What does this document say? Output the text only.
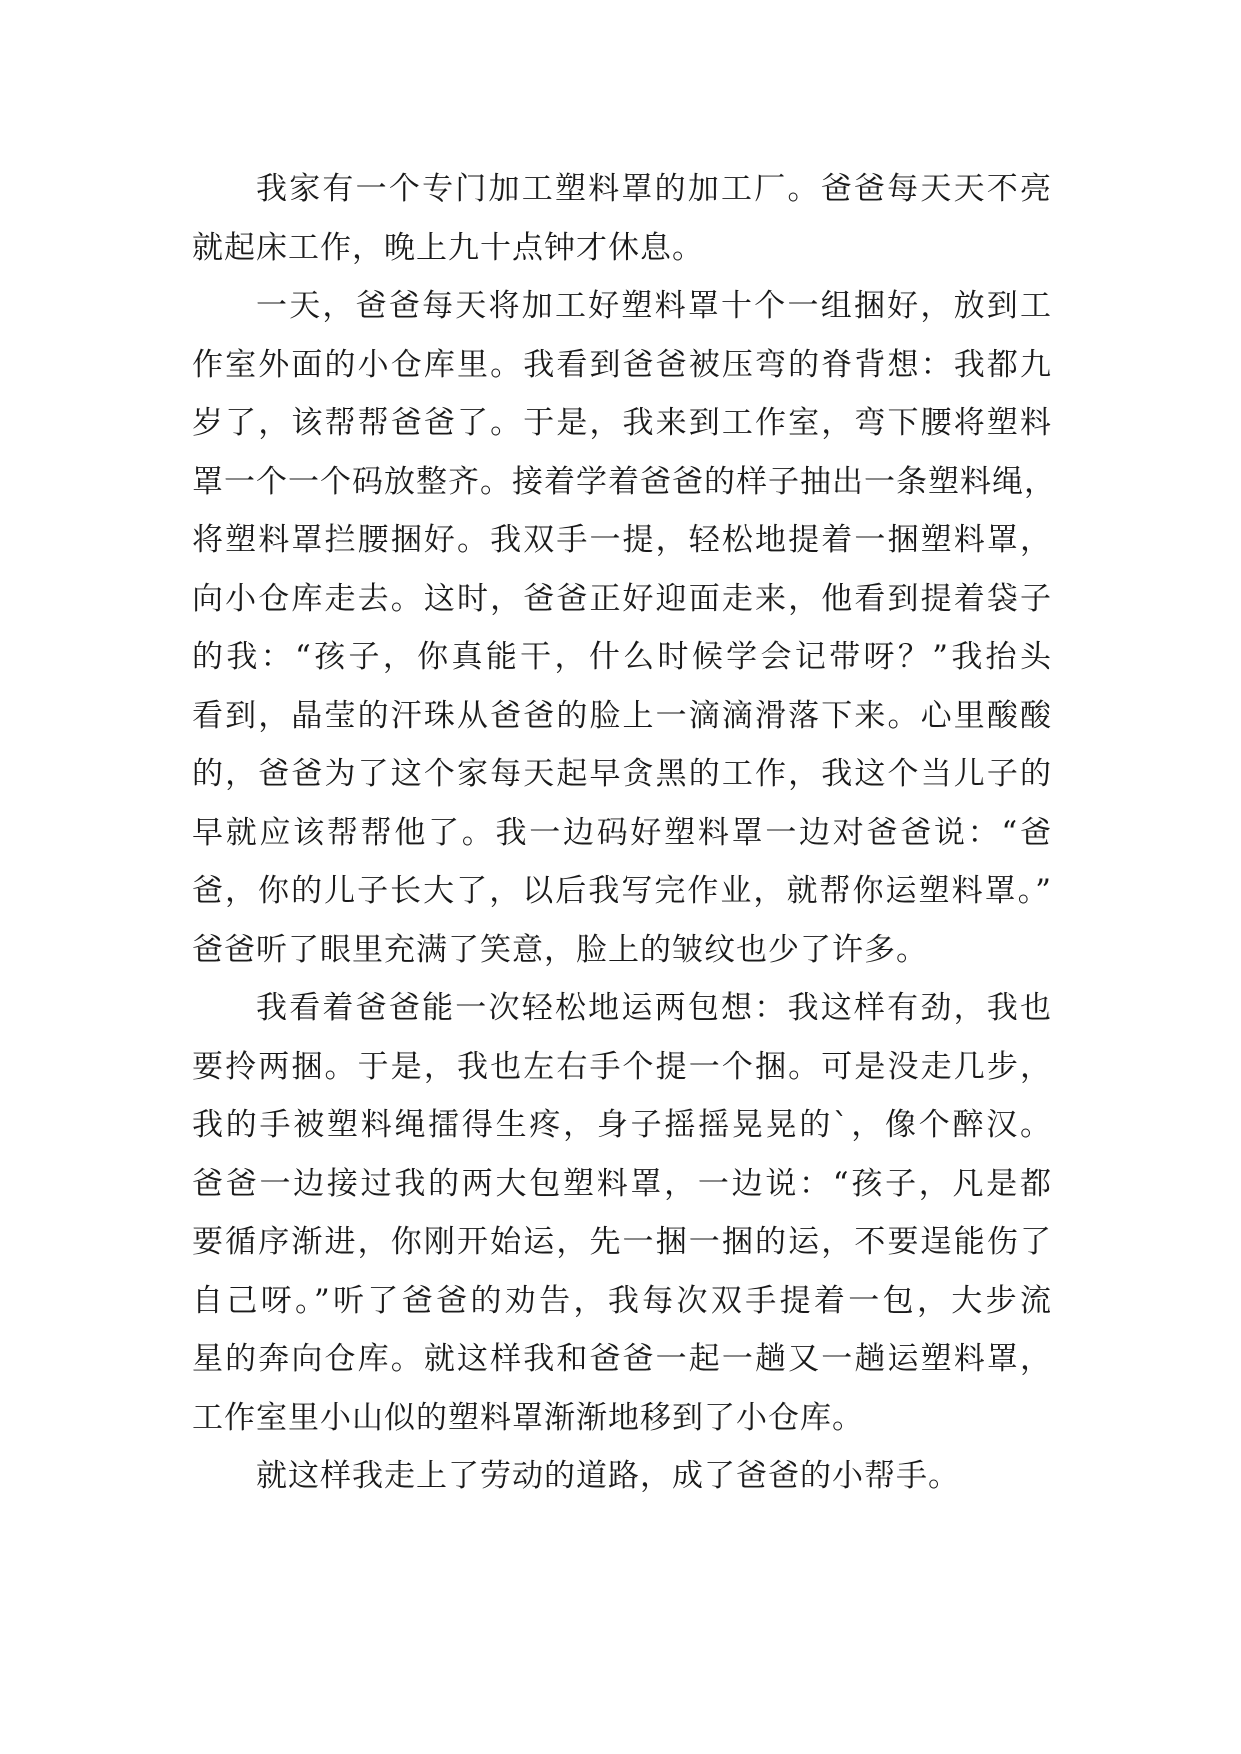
我家有一个专门加工塑料罩的加工厂。爸爸每天天不亮
就起床工作，晚上九十点钟才休息。
一天，爸爸每天将加工好塑料罩十个一组捆好，放到工
作室外面的小仓库里。我看到爸爸被压弯的脊背想：我都九
岁了，该帮帮爸爸了。于是，我来到工作室，弯下腰将塑料
罩一个一个码放整齐。接着学着爸爸的样子抽出一条塑料绳，
将塑料罩拦腰捆好。我双手一提，轻松地提着一捆塑料罩，
向小仓库走去。这时，爸爸正好迎面走来，他看到提着袋子
的我：“孩子，你真能干，什么时候学会记带呀？”我抬头
看到，晶莹的汗珠从爸爸的脸上一滴滴滑落下来。心里酸酸
的，爸爸为了这个家每天起早贪黑的工作，我这个当儿子的
早就应该帮帮他了。我一边码好塑料罩一边对爸爸说：“爸
爸，你的儿子长大了，以后我写完作业，就帮你运塑料罩。”
爸爸听了眼里充满了笑意，脸上的皱纹也少了许多。
我看着爸爸能一次轻松地运两包想：我这样有劲，我也
要拎两捆。于是，我也左右手个提一个捆。可是没走几步，
我的手被塑料绳擂得生疼，身子摇摇晃晃的`，像个醉汉。
爸爸一边接过我的两大包塑料罩，一边说：“孩子，凡是都
要循序渐进，你刚开始运，先一捆一捆的运，不要逞能伤了
自己呀。”听了爸爸的劝告，我每次双手提着一包，大步流
星的奔向仓库。就这样我和爸爸一起一趟又一趟运塑料罩，
工作室里小山似的塑料罩渐渐地移到了小仓库。
就这样我走上了劳动的道路，成了爸爸的小帮手。
